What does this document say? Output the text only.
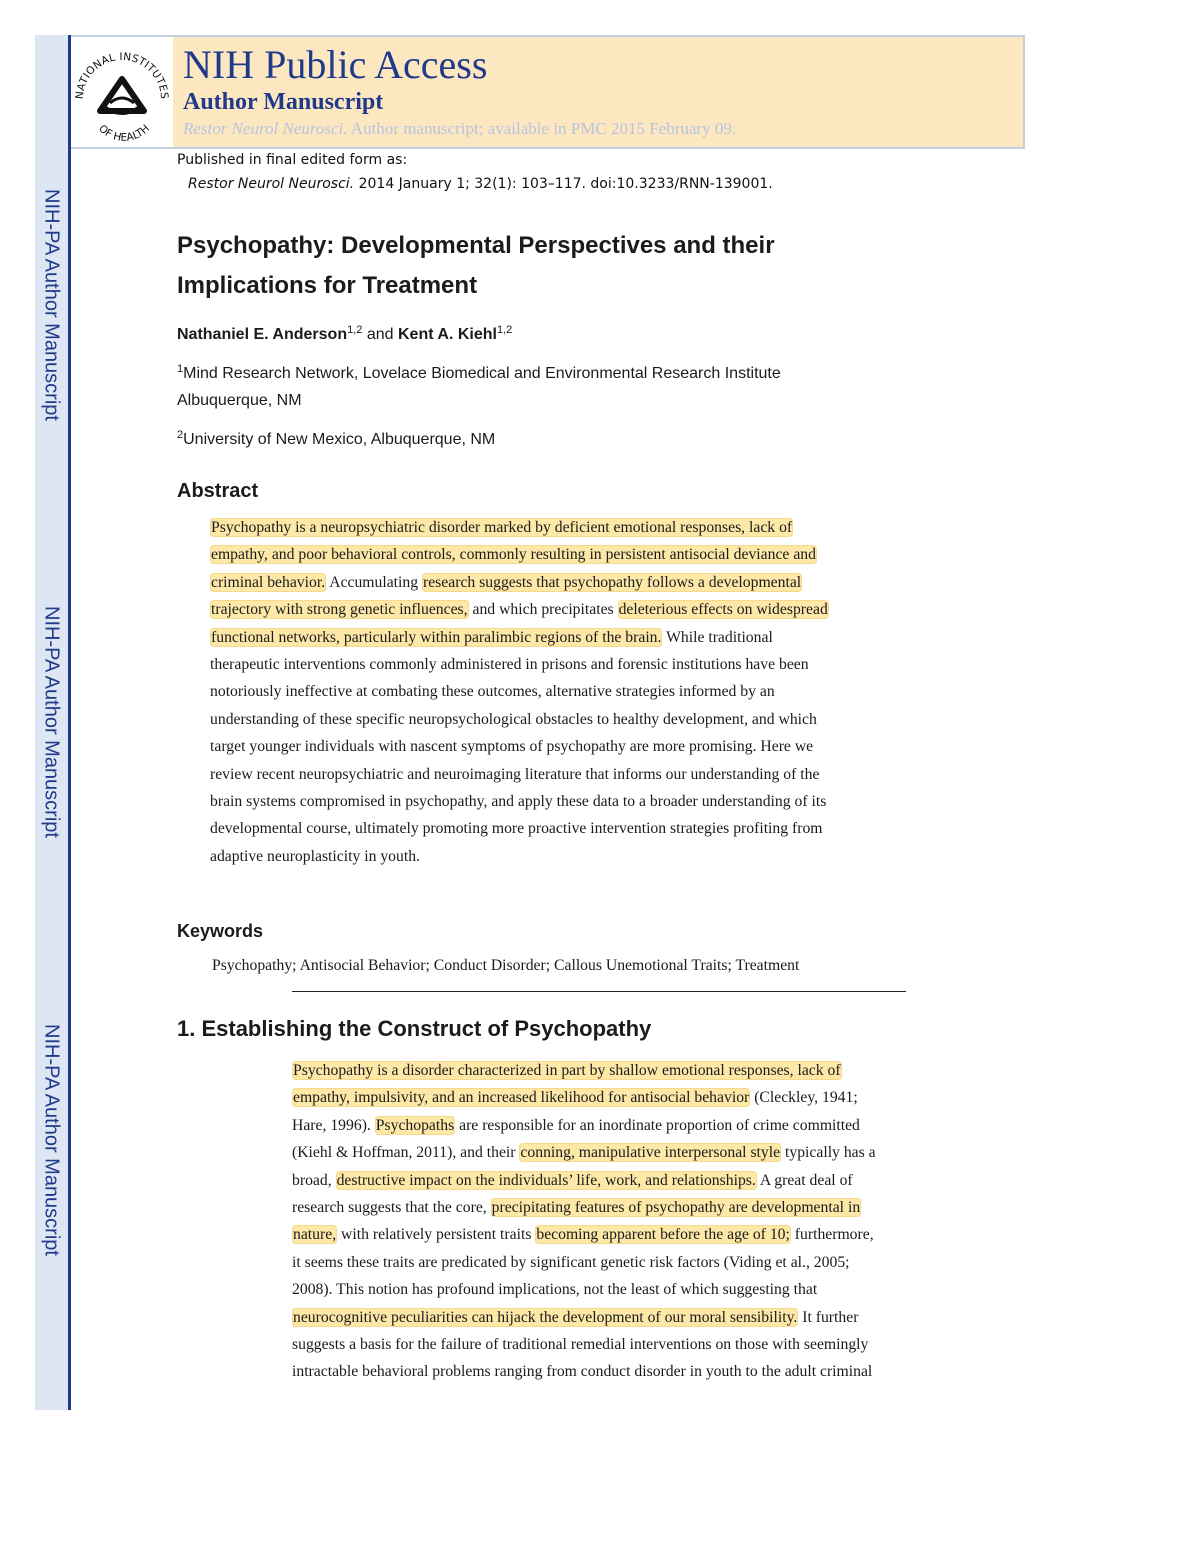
NIH-PA Author Manuscript
NIH-PA Author Manuscript
NIH-PA Author Manuscript
NATIONAL INSTITUTES
OF HEALTH
NIH Public Access
Author Manuscript
Restor Neurol Neurosci. Author manuscript; available in PMC 2015 February 09.
Published in final edited form as:
Restor Neurol Neurosci. 2014 January 1; 32(1): 103–117. doi:10.3233/RNN-139001.
Psychopathy: Developmental Perspectives and their
Implications for Treatment
Nathaniel E. Anderson$^{1,2}$ and Kent A. Kiehl$^{1,2}$
$^1$Mind Research Network, Lovelace Biomedical and Environmental Research Institute
Albuquerque, NM
$^2$University of New Mexico, Albuquerque, NM
Abstract
Psychopathy is a neuropsychiatric disorder marked by deficient emotional responses, lack of
empathy, and poor behavioral controls, commonly resulting in persistent antisocial deviance and
criminal behavior. Accumulating research suggests that psychopathy follows a developmental
trajectory with strong genetic influences, and which precipitates deleterious effects on widespread
functional networks, particularly within paralimbic regions of the brain. While traditional
therapeutic interventions commonly administered in prisons and forensic institutions have been
notoriously ineffective at combating these outcomes, alternative strategies informed by an
understanding of these specific neuropsychological obstacles to healthy development, and which
target younger individuals with nascent symptoms of psychopathy are more promising. Here we
review recent neuropsychiatric and neuroimaging literature that informs our understanding of the
brain systems compromised in psychopathy, and apply these data to a broader understanding of its
developmental course, ultimately promoting more proactive intervention strategies profiting from
adaptive neuroplasticity in youth.
Keywords
Psychopathy; Antisocial Behavior; Conduct Disorder; Callous Unemotional Traits; Treatment
1. Establishing the Construct of Psychopathy
Psychopathy is a disorder characterized in part by shallow emotional responses, lack of
empathy, impulsivity, and an increased likelihood for antisocial behavior (Cleckley, 1941;
Hare, 1996). Psychopaths are responsible for an inordinate proportion of crime committed
(Kiehl & Hoffman, 2011), and their conning, manipulative interpersonal style typically has a
broad, destructive impact on the individuals’ life, work, and relationships. A great deal of
research suggests that the core, precipitating features of psychopathy are developmental in
nature, with relatively persistent traits becoming apparent before the age of 10; furthermore,
it seems these traits are predicated by significant genetic risk factors (Viding et al., 2005;
2008). This notion has profound implications, not the least of which suggesting that
neurocognitive peculiarities can hijack the development of our moral sensibility. It further
suggests a basis for the failure of traditional remedial interventions on those with seemingly
intractable behavioral problems ranging from conduct disorder in youth to the adult criminal
